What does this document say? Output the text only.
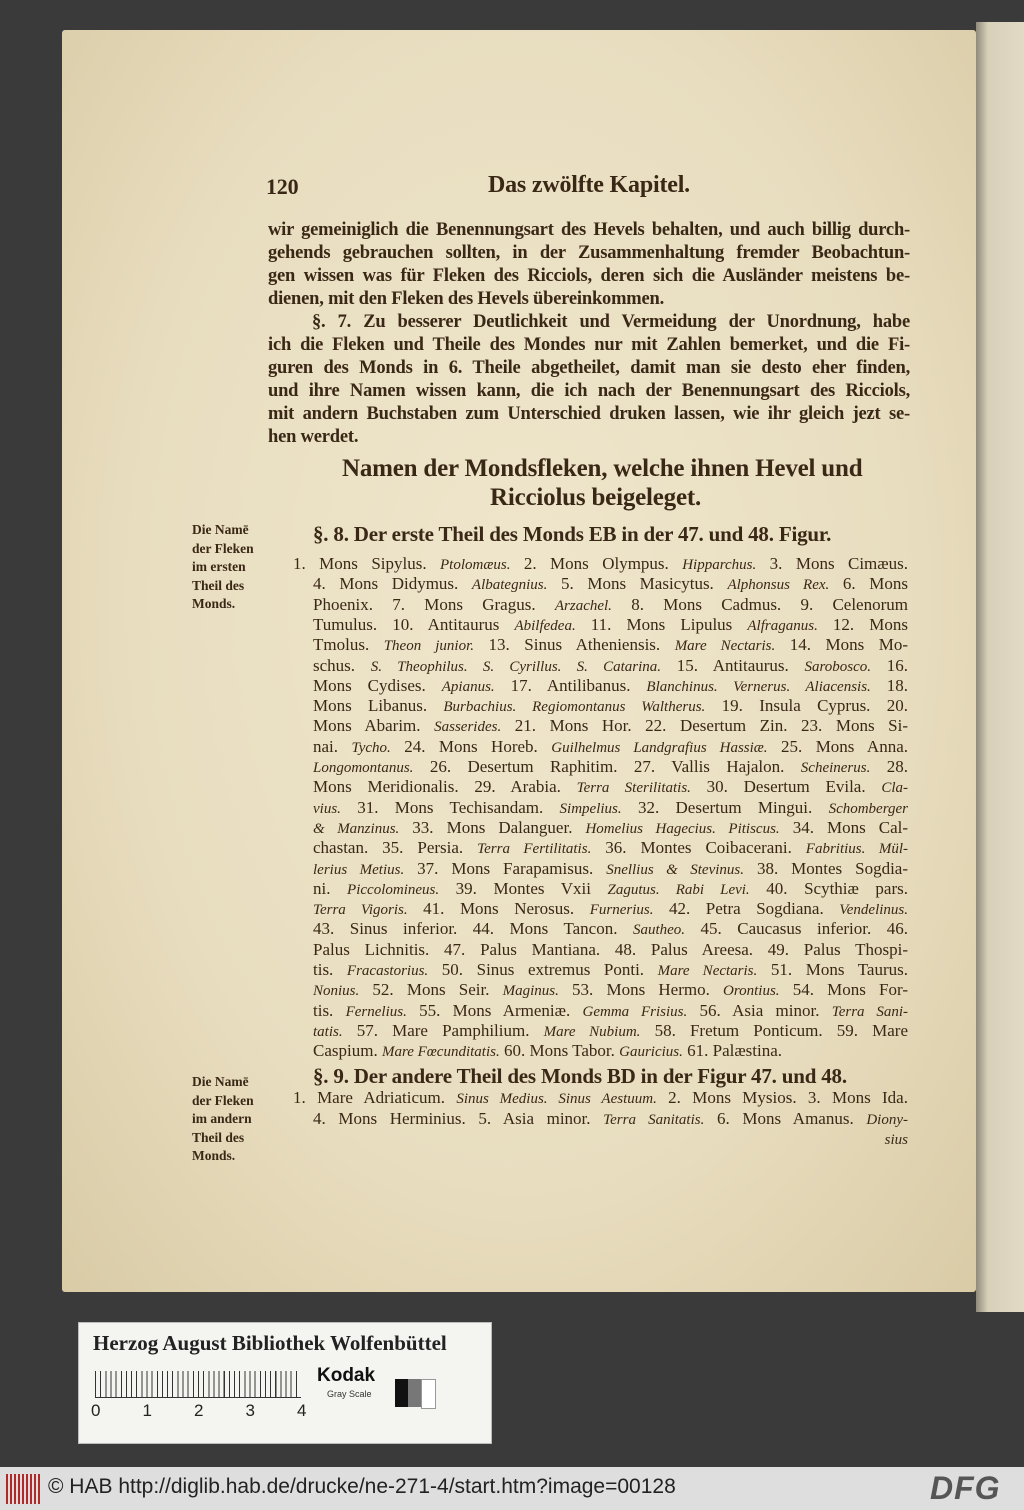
120	Das zwölfte Kapitel.
wir gemeiniglich die Benennungsart des Hevels behalten, und auch billig durch-
gehends gebrauchen sollten, in der Zusammenhaltung fremder Beobachtun-
gen wissen was für Fleken des Ricciols, deren sich die Ausländer meistens be-
dienen, mit den Fleken des Hevels übereinkommen.
§. 7. Zu besserer Deutlichkeit und Vermeidung der Unordnung, habe
ich die Fleken und Theile des Mondes nur mit Zahlen bemerket, und die Fi-
guren des Monds in 6. Theile abgetheilet, damit man sie desto eher finden,
und ihre Namen wissen kann, die ich nach der Benennungsart des Ricciols,
mit andern Buchstaben zum Unterschied druken lassen, wie ihr gleich jezt se-
hen werdet.
Namen der Mondsfleken, welche ihnen Hevel und
Ricciolus beigeleget.
§. 8. Der erste Theil des Monds EB in der 47. und 48. Figur.
Die Namē
der Fleken
im ersten
Theil des
Monds.
1. Mons Sipylus. Ptolomæus. 2. Mons Olympus. Hipparchus. 3. Mons Cimæus.
4. Mons Didymus. Albategnius. 5. Mons Masicytus. Alphonsus Rex. 6. Mons
Phoenix. 7. Mons Gragus. Arzachel. 8. Mons Cadmus. 9. Celenorum
Tumulus. 10. Antitaurus Abilfedea. 11. Mons Lipulus Alfraganus. 12. Mons
Tmolus. Theon junior. 13. Sinus Atheniensis. Mare Nectaris. 14. Mons Mo-
schus. S. Theophilus. S. Cyrillus. S. Catarina. 15. Antitaurus. Sarobosco. 16.
Mons Cydises. Apianus. 17. Antilibanus. Blanchinus. Vernerus. Aliacensis. 18.
Mons Libanus. Burbachius. Regiomontanus Waltherus. 19. Insula Cyprus. 20.
Mons Abarim. Sasserides. 21. Mons Hor. 22. Desertum Zin. 23. Mons Si-
nai. Tycho. 24. Mons Horeb. Guilhelmus Landgrafius Hassiæ. 25. Mons Anna.
Longomontanus. 26. Desertum Raphitim. 27. Vallis Hajalon. Scheinerus. 28.
Mons Meridionalis. 29. Arabia. Terra Sterilitatis. 30. Desertum Evila. Cla-
vius. 31. Mons Techisandam. Simpelius. 32. Desertum Mingui. Schomberger
& Manzinus. 33. Mons Dalanguer. Homelius Hagecius. Pitiscus. 34. Mons Cal-
chastan. 35. Persia. Terra Fertilitatis. 36. Montes Coibacerani. Fabritius. Mül-
lerius Metius. 37. Mons Farapamisus. Snellius & Stevinus. 38. Montes Sogdia-
ni. Piccolomineus. 39. Montes Vxii Zagutus. Rabi Levi. 40. Scythiæ pars.
Terra Vigoris. 41. Mons Nerosus. Furnerius. 42. Petra Sogdiana. Vendelinus.
43. Sinus inferior. 44. Mons Tancon. Sautheo. 45. Caucasus inferior. 46.
Palus Lichnitis. 47. Palus Mantiana. 48. Palus Areesa. 49. Palus Thospi-
tis. Fracastorius. 50. Sinus extremus Ponti. Mare Nectaris. 51. Mons Taurus.
Nonius. 52. Mons Seir. Maginus. 53. Mons Hermo. Orontius. 54. Mons For-
tis. Fernelius. 55. Mons Armeniæ. Gemma Frisius. 56. Asia minor. Terra Sani-
tatis. 57. Mare Pamphilium. Mare Nubium. 58. Fretum Ponticum. 59. Mare
Caspium. Mare Fœcunditatis. 60. Mons Tabor. Gauricius. 61. Palæstina.
§. 9. Der andere Theil des Monds BD in der Figur 47. und 48.
Die Namē
der Fleken
im andern
Theil des
Monds.
1. Mare Adriaticum. Sinus Medius. Sinus Aestuum. 2. Mons Mysios. 3. Mons Ida.
4. Mons Herminius. 5. Asia minor. Terra Sanitatis. 6. Mons Amanus. Diony-
sius
Herzog August Bibliothek Wolfenbüttel
0 1 2 3 4
Kodak
Gray Scale
© HAB http://diglib.hab.de/drucke/ne-271-4/start.htm?image=00128	DFG
